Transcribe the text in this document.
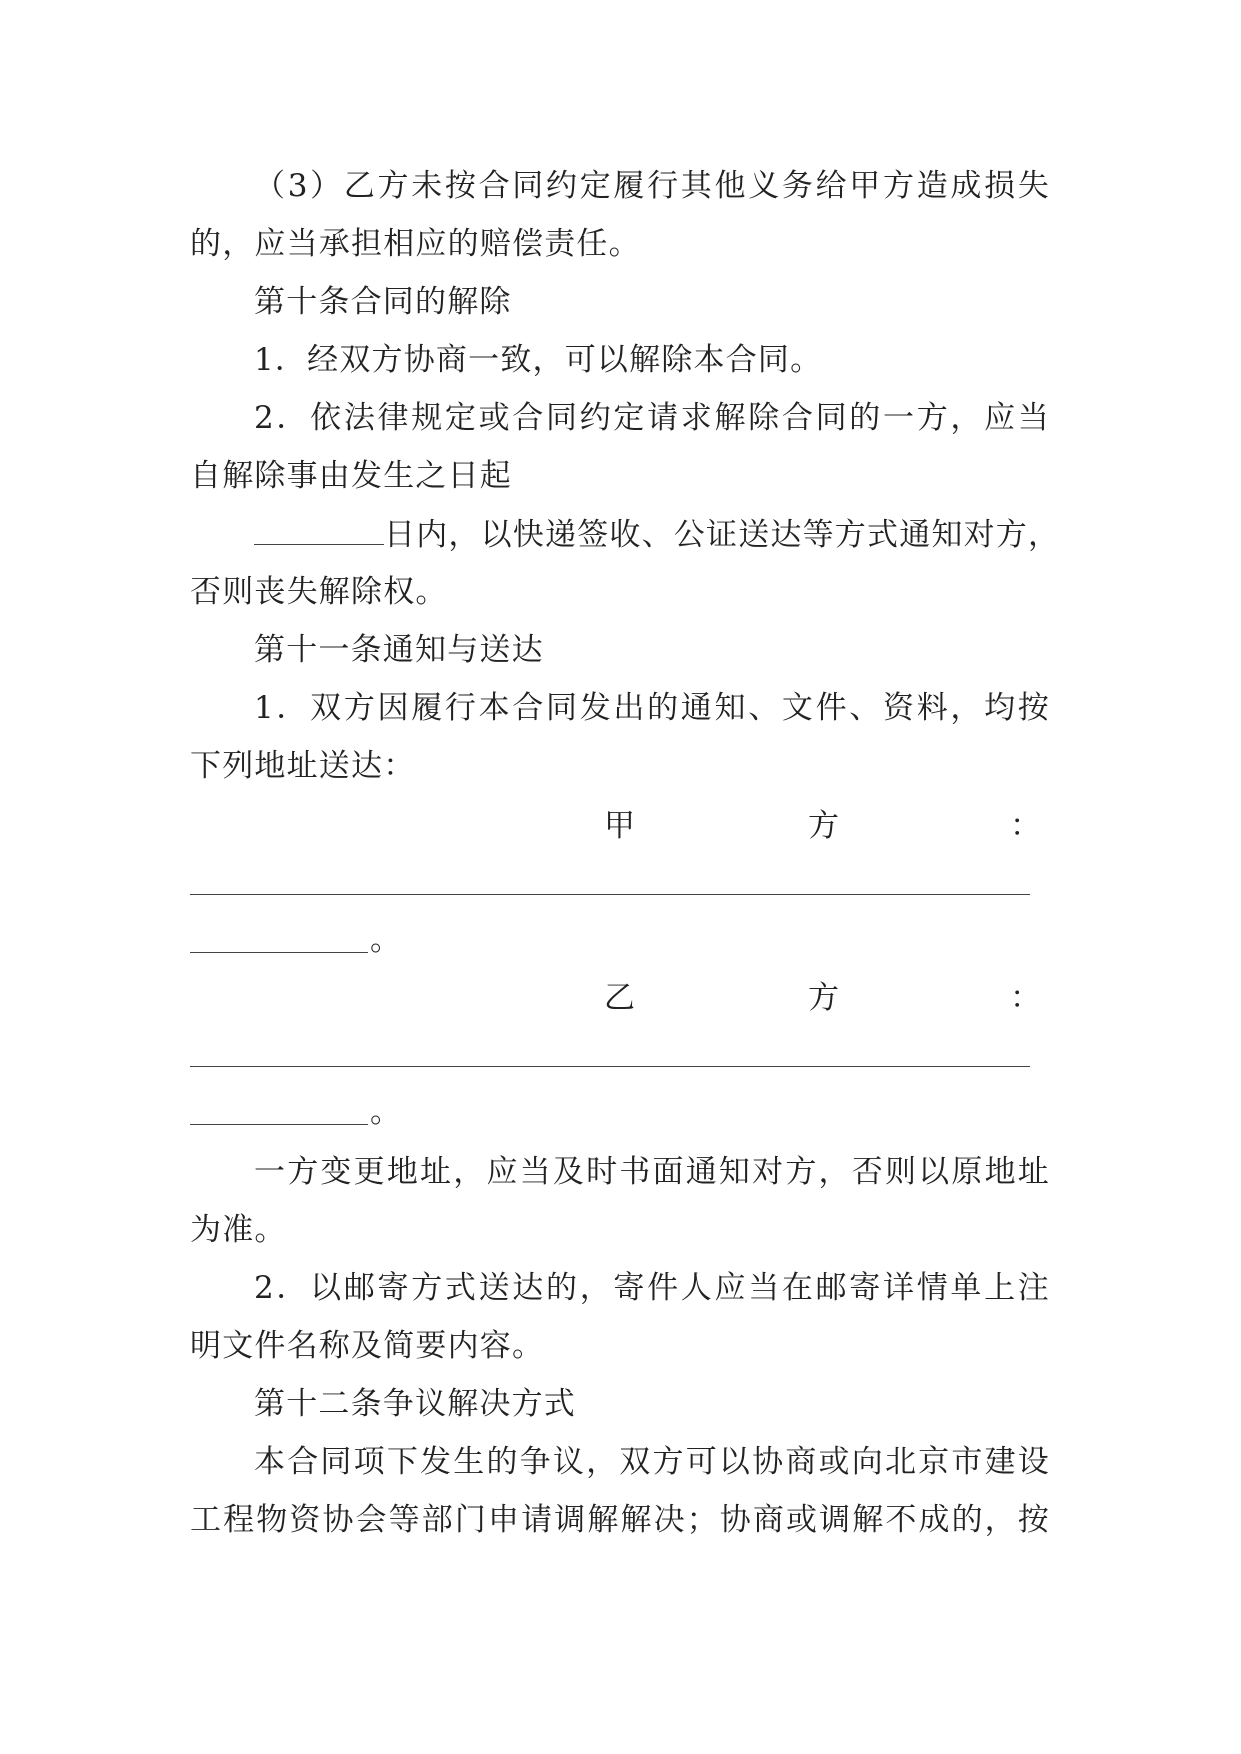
（3）乙方未按合同约定履行其他义务给甲方造成损失
的，应当承担相应的赔偿责任。
第十条合同的解除
1．经双方协商一致，可以解除本合同。
2．依法律规定或合同约定请求解除合同的一方，应当
自解除事由发生之日起
日内，以快递签收、公证送达等方式通知对方，
否则丧失解除权。
第十一条通知与送达
1．双方因履行本合同发出的通知、文件、资料，均按
下列地址送达：
甲	方	：
。
乙	方	：
。
一方变更地址，应当及时书面通知对方，否则以原地址
为准。
2．以邮寄方式送达的，寄件人应当在邮寄详情单上注
明文件名称及简要内容。
第十二条争议解决方式
本合同项下发生的争议，双方可以协商或向北京市建设
工程物资协会等部门申请调解解决；协商或调解不成的，按
